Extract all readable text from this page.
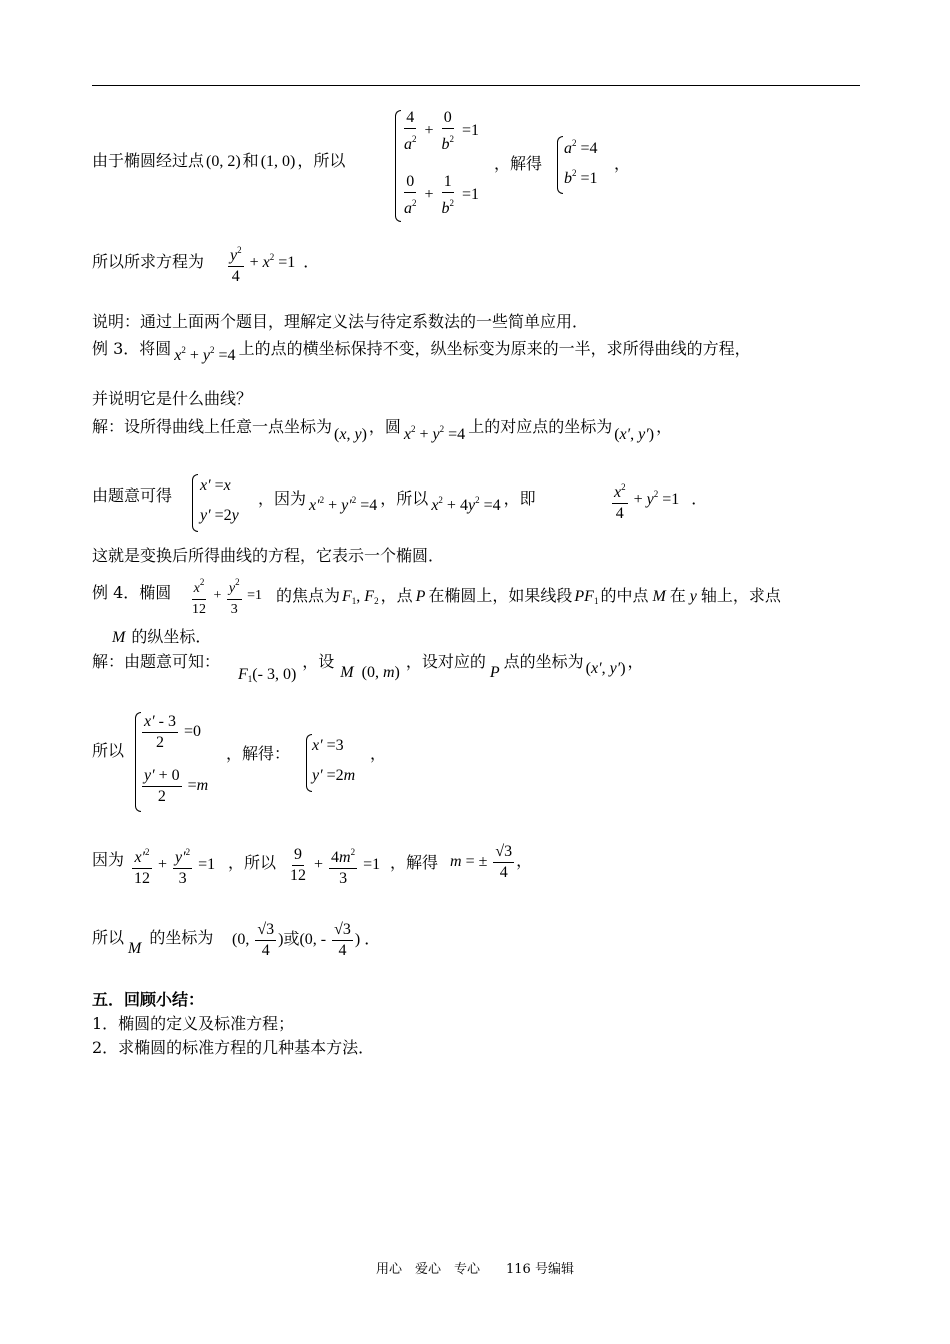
由于椭圆经过点 (0, 2) 和 (1, 0) ，所以
$\frac{4}{a^2} + \frac{0}{b^2} =1$
$\frac{0}{a^2} + \frac{1}{b^2} =1$
，解得
$a^2 =4$
$b^2 =1$
，
所以所求方程为 $\frac{y^2}{4} + x^2 =1$  ．
说明：通过上面两个题目，理解定义法与待定系数法的一些简单应用．
例 3．将圆 $x^2 + y^2 =4$ 上的点的横坐标保持不变，纵坐标变为原来的一半，求所得曲线的方程，
并说明它是什么曲线？
解：设所得曲线上任意一点坐标为 (x, y) ，圆 $x^2 + y^2 =4$ 上的对应点的坐标为 (x′, y′) ，
由题意可得
x′ =x
y′ =2y
，因为 $x'^2 + y'^2 =4$ ，所以 $x^2 + 4y^2 =4$ ，即	$\frac{x^2}{4} + y^2 =1$   ．
这就是变换后所得曲线的方程，它表示一个椭圆．
例 4．椭圆 $\frac{x^2}{12} + \frac{y^2}{3} =1$ 的焦点为 $F_1$, $F_2$ ，点 P 在椭圆上，如果线段 $PF_1$ 的中点 M 在 y 轴上，求点
M 的纵坐标．
解：由题意可知：$F_1(-$ 3, 0)，设M  (0, m)，设对应的P点的坐标为 (x′, y′) ，
所以 $\frac{x' - 3}{2} =0$
$\frac{y' + 0}{2} =m$
，解得： x′ =3
y′ =2m
，
因为 $\frac{x'^2}{12} + \frac{y'^2}{3} =1$ ，所以 $\frac{9}{12} + \frac{4m^2}{3} =1$ ，解得 m = ± $\frac{√3}{4}$ ，
所以M的坐标为 (0, $\frac{√3}{4}$ )或(0, - $\frac{√3}{4}$ ) ．
五．回顾小结：
1．椭圆的定义及标准方程；
2．求椭圆的标准方程的几种基本方法．
用心　爱心　专心　　116 号编辑
